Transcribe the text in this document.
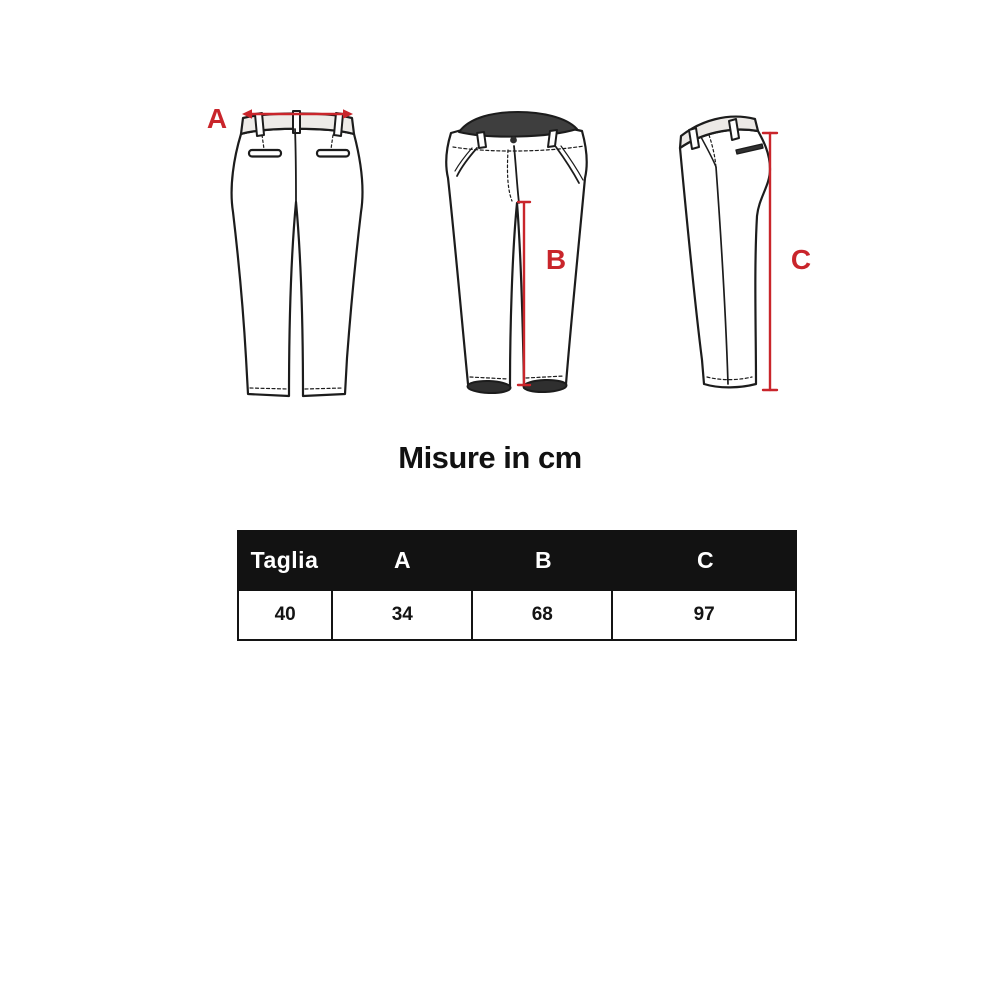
A
B	C
Misure in cm
Taglia	A	B	C
40	34	68	97
